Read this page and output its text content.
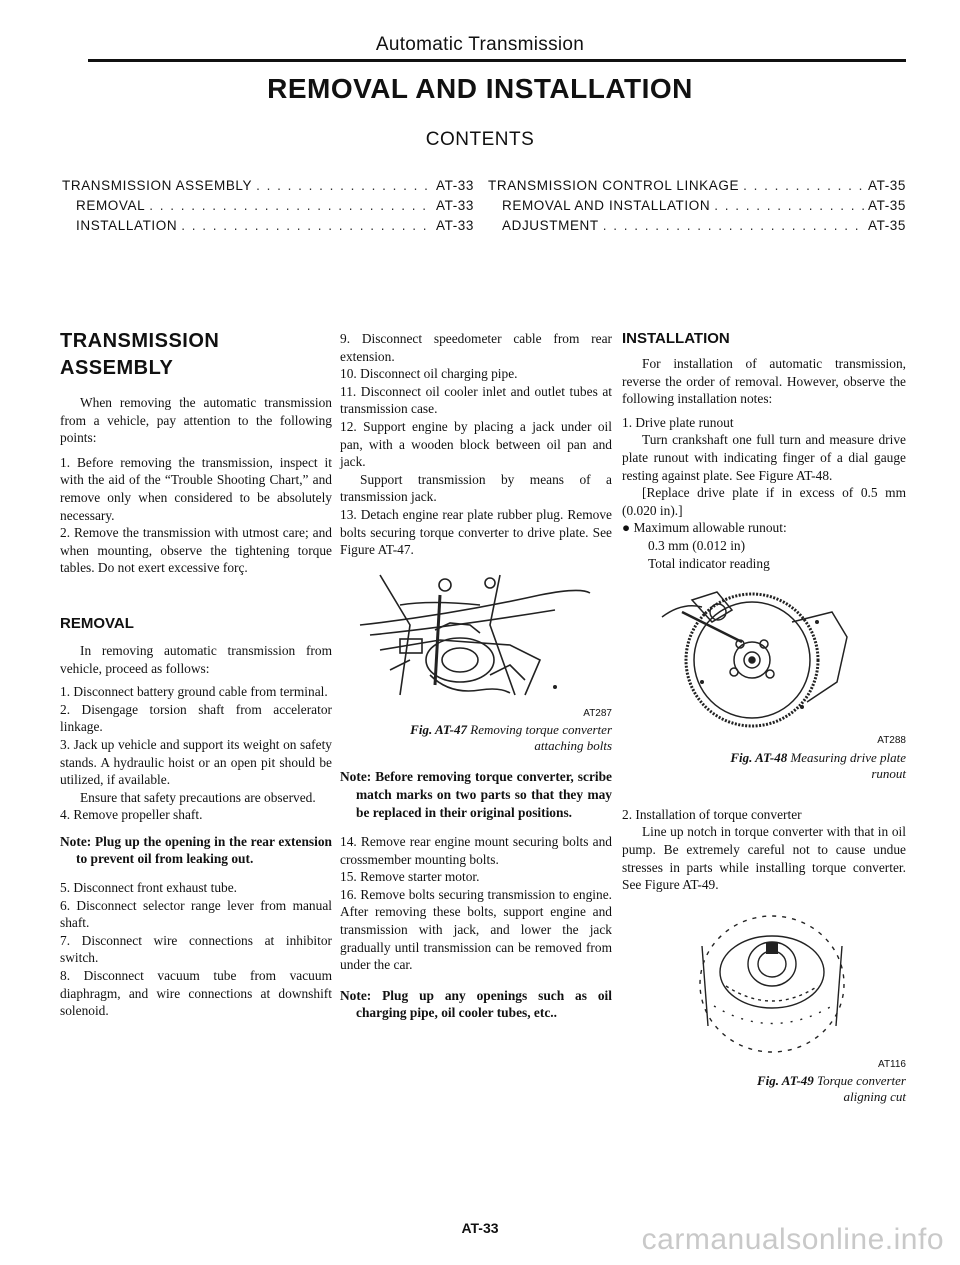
Automatic Transmission
REMOVAL AND INSTALLATION
CONTENTS
TRANSMISSION ASSEMBLY . . .	AT-33
REMOVAL . . .	AT-33
INSTALLATION . . .	AT-33
TRANSMISSION CONTROL LINKAGE . . .	AT-35
REMOVAL AND INSTALLATION . . .	AT-35
ADJUSTMENT . . .	AT-35
TRANSMISSION
ASSEMBLY

When removing the automatic transmission from a vehicle, pay attention to the following points:

1. Before removing the transmission, inspect it with the aid of the “Trouble Shooting Chart,” and remove only when considered to be absolutely necessary.

2. Remove the transmission with utmost care; and when mounting, observe the tightening torque tables. Do not exert excessive forç.

REMOVAL

In removing automatic transmission from vehicle, proceed as follows:

1. Disconnect battery ground cable from terminal.

2. Disengage torsion shaft from accelerator linkage.

3. Jack up vehicle and support its weight on safety stands. A hydraulic hoist or an open pit should be utilized, if available.

Ensure that safety precautions are observed.

4. Remove propeller shaft.

Note: Plug up the opening in the rear extension to prevent oil from leaking out.

5. Disconnect front exhaust tube.

6. Disconnect selector range lever from manual shaft.

7. Disconnect wire connections at inhibitor switch.

8. Disconnect vacuum tube from vacuum diaphragm, and wire connections at downshift solenoid.

9. Disconnect speedometer cable from rear extension.

10. Disconnect oil charging pipe.

11. Disconnect oil cooler inlet and outlet tubes at transmission case.

12. Support engine by placing a jack under oil pan, with a wooden block between oil pan and jack.

Support transmission by means of a transmission jack.

13. Detach engine rear plate rubber plug. Remove bolts securing torque converter to drive plate. See Figure AT-47.

AT287
Fig. AT-47 Removing torque converter
attaching bolts

Note: Before removing torque converter, scribe match marks on two parts so that they may be replaced in their original positions.

14. Remove rear engine mount securing bolts and crossmember mounting bolts.

15. Remove starter motor.

16. Remove bolts securing transmission to engine. After removing these bolts, support engine and transmission with jack, and lower the jack gradually until transmission can be removed from under the car.

Note: Plug up any openings such as oil charging pipe, oil cooler tubes, etc..

INSTALLATION

For installation of automatic transmission, reverse the order of removal. However, observe the following installation notes:

1. Drive plate runout

Turn crankshaft one full turn and measure drive plate runout with indicating finger of a dial gauge resting against plate. See Figure AT-48.

[Replace drive plate if in excess of 0.5 mm (0.020 in).]

● Maximum allowable runout:

0.3 mm (0.012 in)

Total indicator reading

AT288
Fig. AT-48 Measuring drive plate
runout

2. Installation of torque converter

Line up notch in torque converter with that in oil pump. Be extremely careful not to cause undue stresses in parts while installing torque converter. See Figure AT-49.

AT116
Fig. AT-49 Torque converter
aligning cut
AT-33	carmanualsonline.info
